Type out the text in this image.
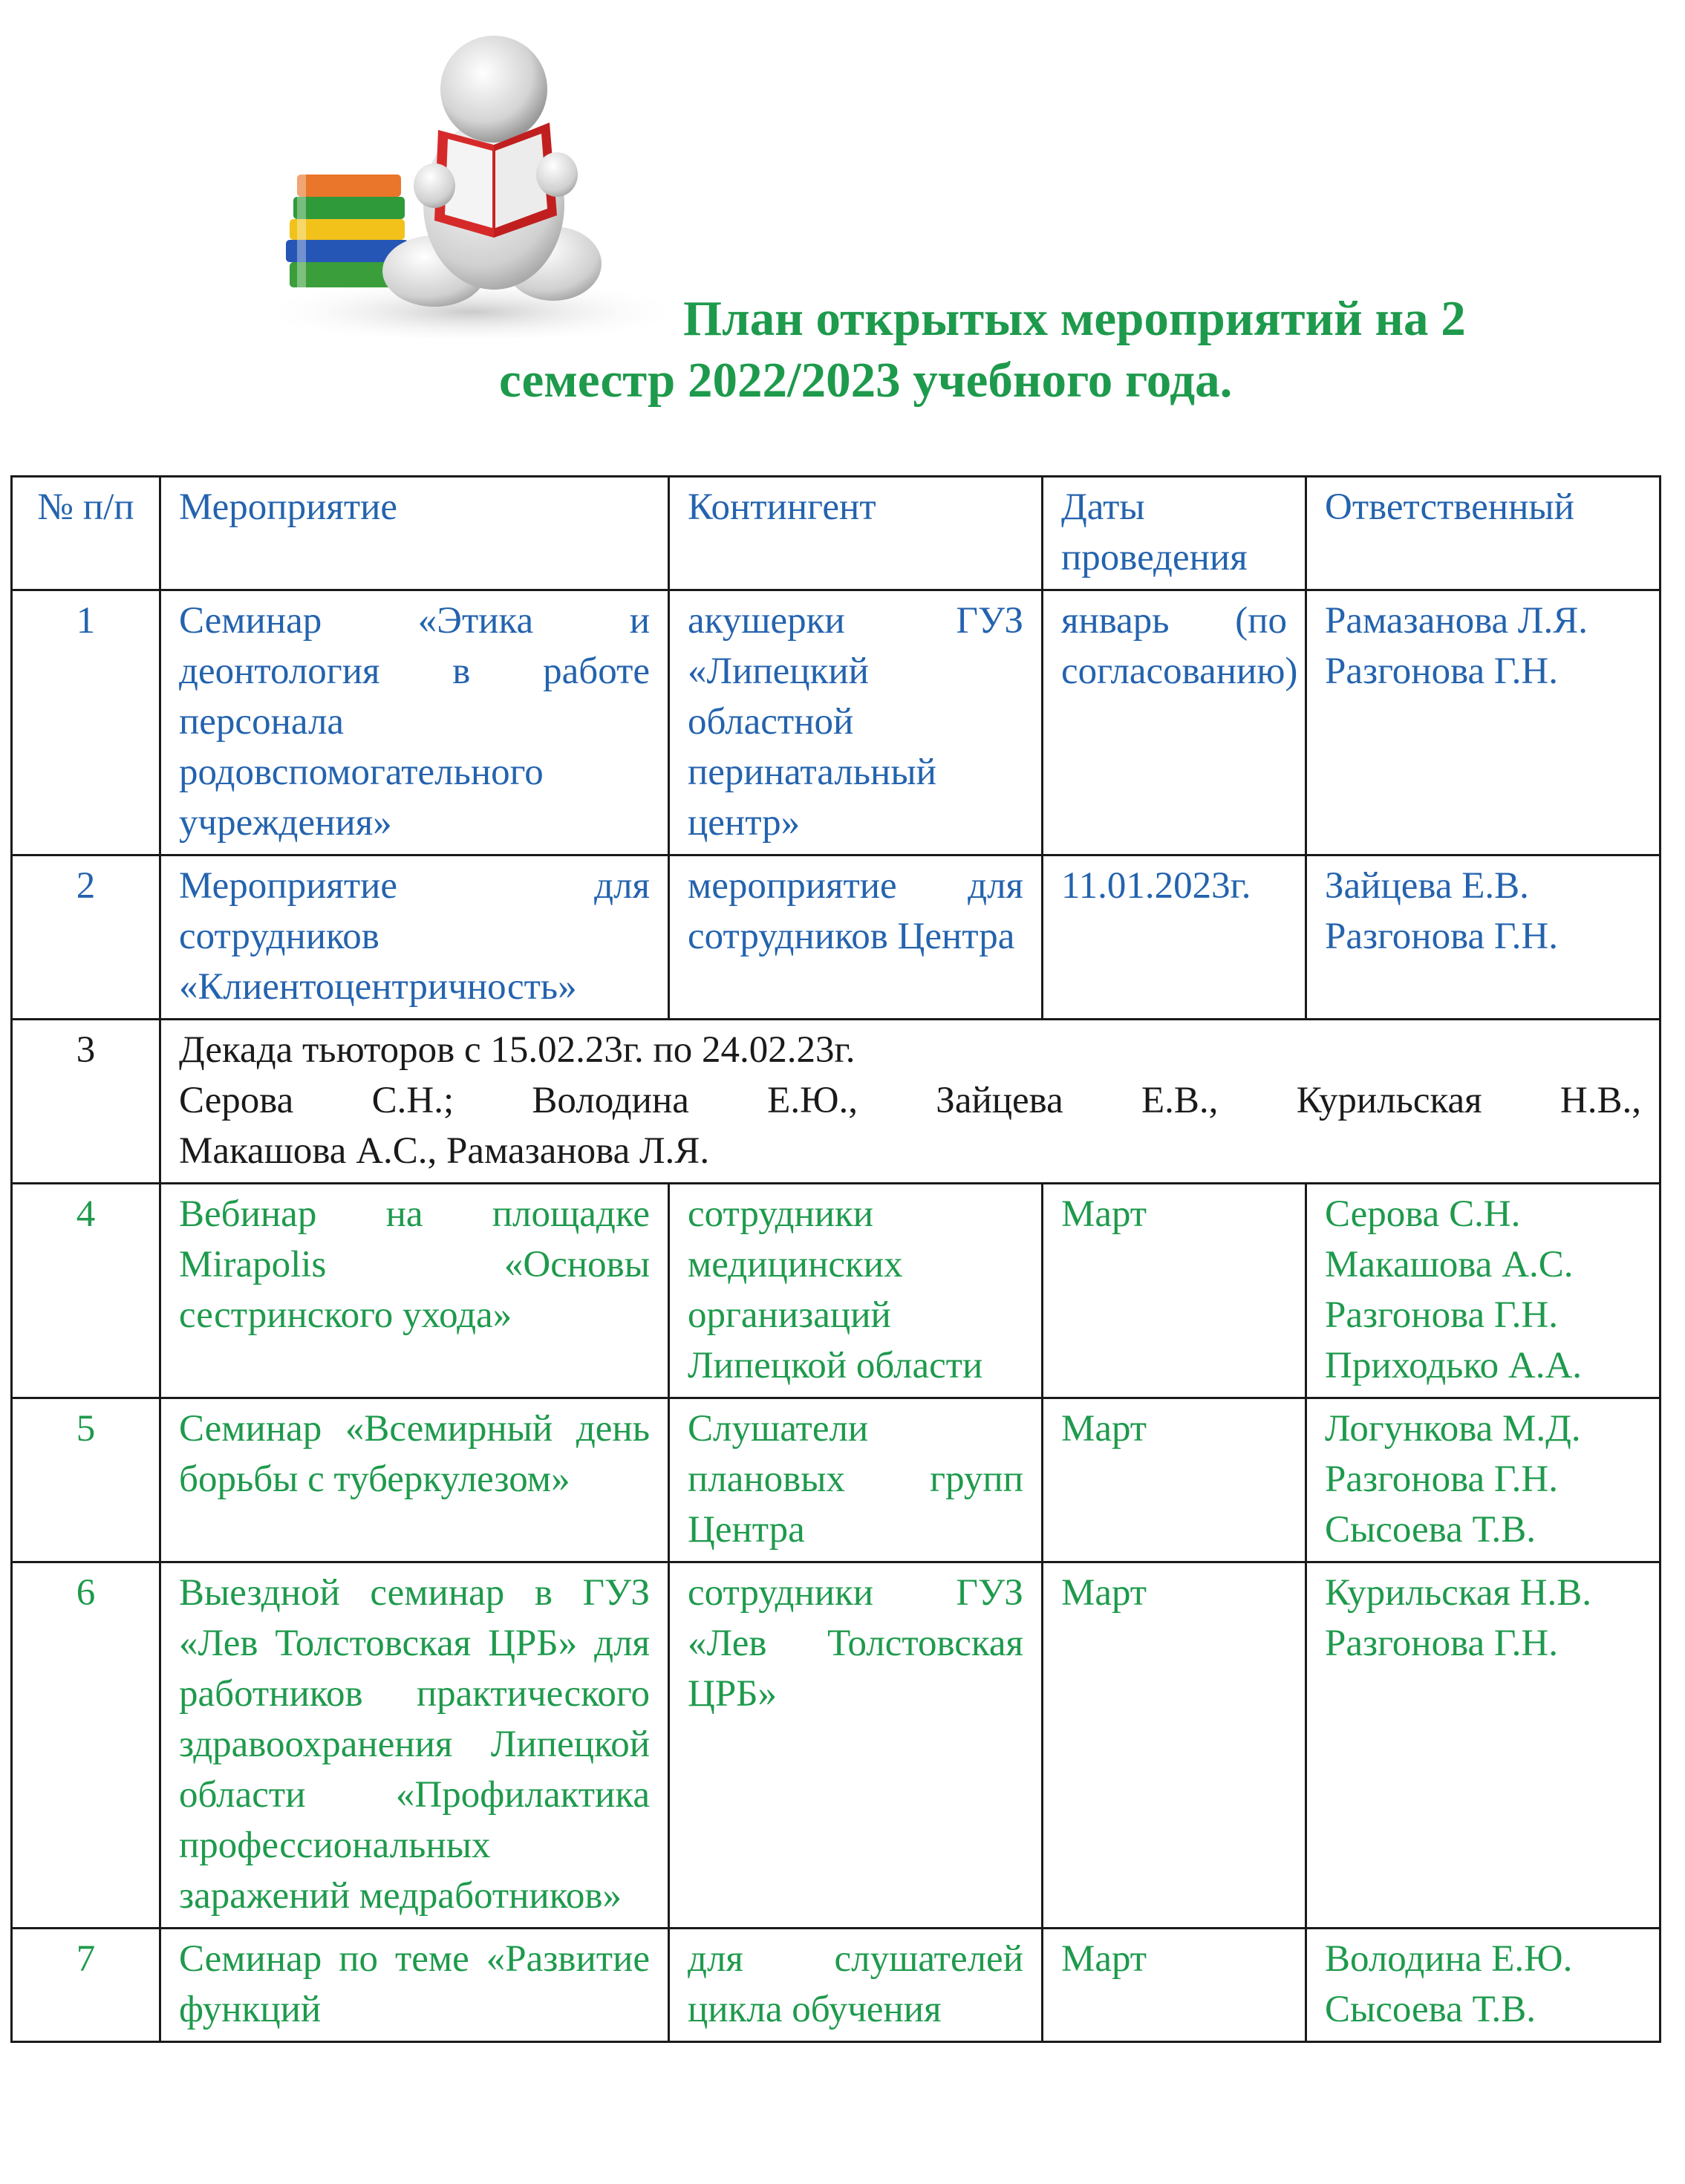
План открытых мероприятий на 2
семестр 2022/2023 учебного года.
№ п/п	Мероприятие	Контингент	Даты проведения	Ответственный
1	Семинар «Этика и деонтология в работе персонала родовспомогательного учреждения»	акушерки ГУЗ «Липецкий областной перинатальный центр»	январь (по согласованию)	Рамазанова Л.Я.
Разгонова Г.Н.

2	Мероприятие для сотрудников «Клиентоцентричность»	мероприятие для сотрудников Центра	11.01.2023г.	Зайцева Е.В.
Разгонова Г.Н.

3	Декада тьюторов с 15.02.23г. по 24.02.23г.
Серова С.Н.; Володина Е.Ю., Зайцева Е.В., Курильская Н.В.,
Макашова А.С., Рамазанова Л.Я.			

4	Вебинар на площадке Mirapolis «Основы сестринского ухода»	сотрудники медицинских организаций Липецкой области	Март	Серова С.Н.
Макашова А.С.
Разгонова Г.Н.
Приходько А.А.

5	Семинар «Всемирный день борьбы с туберкулезом»	Слушатели плановых групп Центра	Март	Логункова М.Д.
Разгонова Г.Н.
Сысоева Т.В.

6	Выездной семинар в ГУЗ «Лев Толстовская ЦРБ» для работников практического здравоохранения Липецкой области «Профилактика профессиональных заражений медработников»	сотрудники ГУЗ «Лев Толстовская ЦРБ»	Март	Курильская Н.В.
Разгонова Г.Н.

7	Семинар по теме «Развитие функций	для слушателей цикла обучения	Март	Володина Е.Ю.
Сысоева Т.В.
